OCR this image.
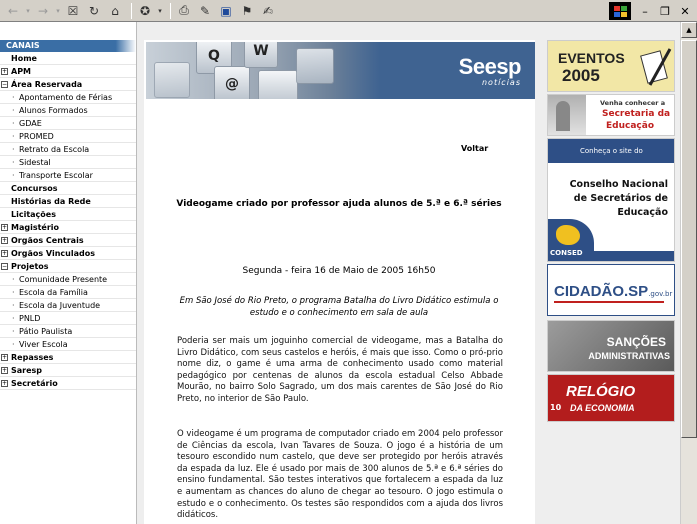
←	▾ →	▾ ☒ ↻	⌂	✪	▾	⎙ ✎ ▣ ⚑ ✍	–	❐ ✕
CANAIS
Home
+ APM
− Área Reservada
· Apontamento de Férias
· Alunos Formados
· GDAE
· PROMED
· Retrato da Escola
· Sidestal
· Transporte Escolar
Concursos
Histórias da Rede
Licitações
+ Magistério
+ Orgãos Centrais
+ Orgãos Vinculados
− Projetos
· Comunidade Presente
· Escola da Família
· Escola da Juventude
· PNLD
· Pátio Paulista
· Viver Escola
+ Repasses
+ Saresp
+ Secretário
Q
@
W
Seesp
notícias
Voltar
Videogame criado por professor ajuda alunos de 5.ª e 6.ª séries
Segunda - feira 16 de Maio de 2005 16h50
Em São José do Rio Preto, o programa Batalha do Livro Didático estimula o estudo e o conhecimento em sala de aula
Poderia ser mais um joguinho comercial de videogame, mas a Batalha do Livro Didático, com seus castelos e heróis, é mais que isso. Como o pró-prio nome diz, o game é uma arma de conhecimento usado como material pedagógico por centenas de alunos da escola estadual Celso Abbade Mourão, no bairro Solo Sagrado, um dos mais carentes de São José do Rio Preto, no interior de São Paulo.
O videogame é um programa de computador criado em 2004 pelo professor de Ciências da escola, Ivan Tavares de Souza. O jogo é a história de um tesouro escondido num castelo, que deve ser protegido por heróis através da espada da luz. Ele é usado por mais de 300 alunos de 5.ª e 6.ª séries do ensino fundamental. São testes interativos que fortalecem a espada da luz e aumentam as chances do aluno de chegar ao tesouro. O jogo estimula o estudo e o conhecimento. Os testes são respondidos com a ajuda dos livros didáticos.
EVENTOS
2005
Venha conhecer a
Secretaria da
Educação
Conheça o site do
Conselho Nacional
de Secretários de
Educação
CONSED
CIDADÃO.SP.gov.br
SANÇÕES
ADMINISTRATIVAS
10
RELÓGIO
DA ECONOMIA
▲
